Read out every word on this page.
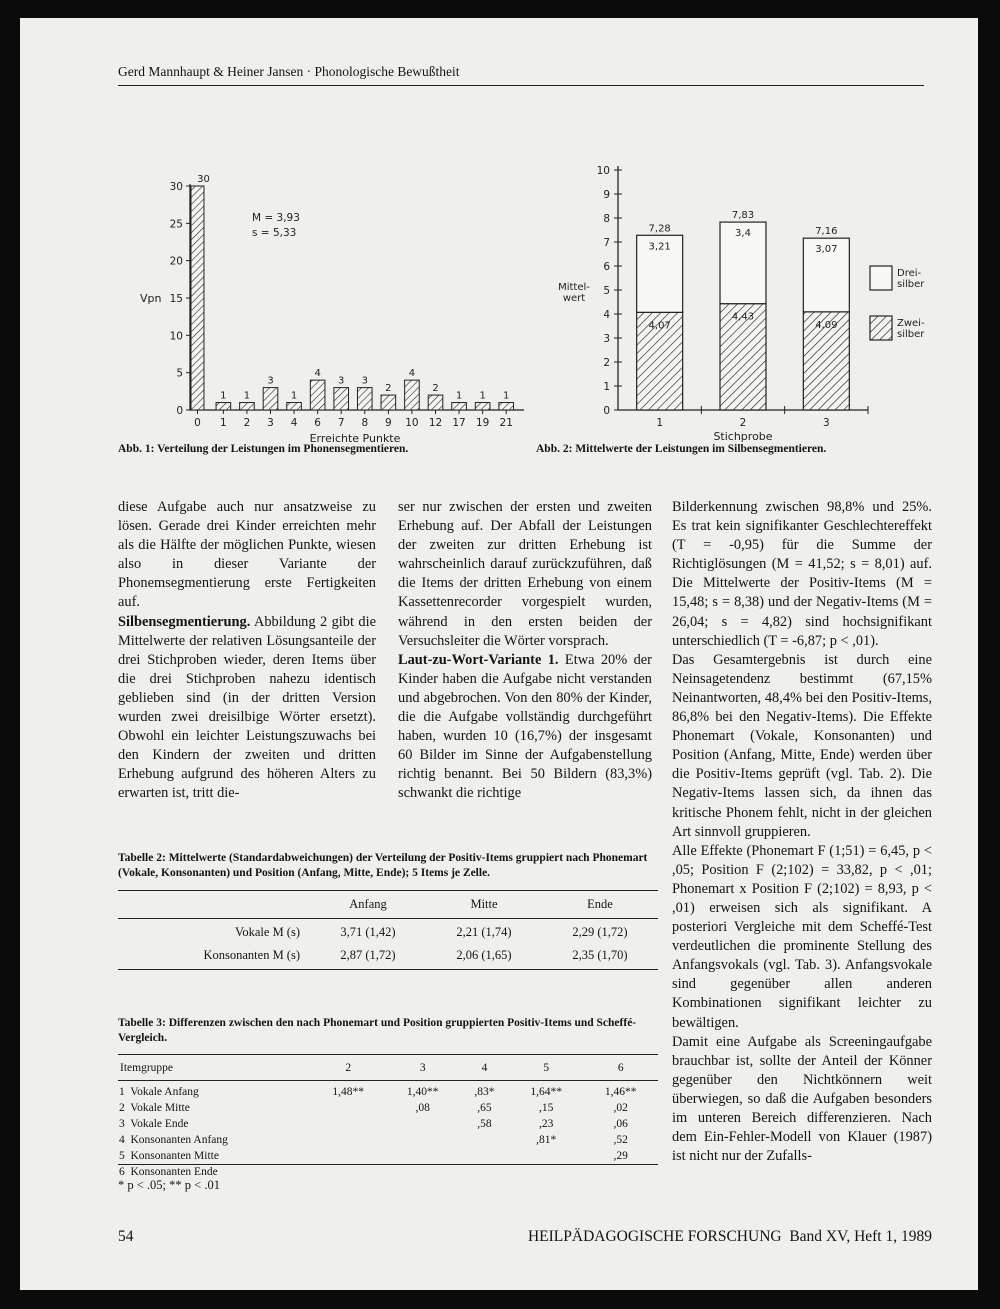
Gerd Mannhaupt & Heiner Jansen · Phonologische Bewußtheit
0
5
10
15
20
25
30
30
0
1
1
1
2
3
3
1
4
4
6
3
7
3
8
2
9
4
10
2
12
1
17
1
19
1
21
Erreichte Punkte
Vpn
M = 3,93
s = 5,33
0
1
2
3
4
5
6
7
8
9
10
Mittel-
wert
3,21
4,07
7,28
1
3,4
4,43
7,83
2
3,07
4,09
7,16
3
Stichprobe
Drei-
silber
Zwei-
silber
Abb. 1: Verteilung der Leistungen im Phonensegmentieren.	Abb. 2: Mittelwerte der Leistungen im Silbensegmentieren.

diese Aufgabe auch nur ansatzweise zu lösen. Gerade drei Kinder erreichten mehr als die Hälfte der möglichen Punkte, wiesen also in dieser Variante der Phonemsegmentierung erste Fertigkeiten auf.

Silbensegmentierung. Abbildung 2 gibt die Mittelwerte der relativen Lösungsanteile der drei Stichproben wieder, deren Items über die drei Stichproben nahezu identisch geblieben sind (in der dritten Version wurden zwei dreisilbige Wörter ersetzt). Obwohl ein leichter Leistungszuwachs bei den Kindern der zweiten und dritten Erhebung aufgrund des höheren Alters zu erwarten ist, tritt die-

ser nur zwischen der ersten und zweiten Erhebung auf. Der Abfall der Leistungen der zweiten zur dritten Erhebung ist wahrscheinlich darauf zurückzuführen, daß die Items der dritten Erhebung von einem Kassettenrecorder vorgespielt wurden, während in den ersten beiden der Versuchsleiter die Wörter vorsprach.

Laut-zu-Wort-Variante 1. Etwa 20% der Kinder haben die Aufgabe nicht verstanden und abgebrochen. Von den 80% der Kinder, die die Aufgabe vollständig durchgeführt haben, wurden 10 (16,7%) der insgesamt 60 Bilder im Sinne der Aufgabenstellung richtig benannt. Bei 50 Bildern (83,3%) schwankt die richtige

Bilderkennung zwischen 98,8% und 25%. Es trat kein signifikanter Geschlechtereffekt (T = -0,95) für die Summe der Richtiglösungen (M = 41,52; s = 8,01) auf. Die Mittelwerte der Positiv-Items (M = 15,48; s = 8,38) und der Negativ-Items (M = 26,04; s = 4,82) sind hochsignifikant unterschiedlich (T = -6,87; p < ,01).

Das Gesamtergebnis ist durch eine Neinsagetendenz bestimmt (67,15% Neinantworten, 48,4% bei den Positiv-Items, 86,8% bei den Negativ-Items). Die Effekte Phonemart (Vokale, Konsonanten) und Position (Anfang, Mitte, Ende) werden über die Positiv-Items geprüft (vgl. Tab. 2). Die Negativ-Items lassen sich, da ihnen das kritische Phonem fehlt, nicht in der gleichen Art sinnvoll gruppieren.

Alle Effekte (Phonemart F (1;51) = 6,45, p < ,05; Position F (2;102) = 33,82, p < ,01; Phonemart x Position F (2;102) = 8,93, p < ,01) erweisen sich als signifikant. A posteriori Vergleiche mit dem Scheffé-Test verdeutlichen die prominente Stellung des Anfangsvokals (vgl. Tab. 3). Anfangsvokale sind gegenüber allen anderen Kombinationen signifikant leichter zu bewältigen.

Damit eine Aufgabe als Screeningaufgabe brauchbar ist, sollte der Anteil der Könner gegenüber den Nichtkönnern weit überwiegen, so daß die Aufgaben besonders im unteren Bereich differenzieren. Nach dem Ein-Fehler-Modell von Klauer (1987) ist nicht nur der Zufalls-

Tabelle 2: Mittelwerte (Standardabweichungen) der Verteilung der Positiv-Items gruppiert nach Phonemart (Vokale, Konsonanten) und Position (Anfang, Mitte, Ende); 5 Items je Zelle.
	Anfang	Mitte	Ende
Vokale M (s)	3,71 (1,42)	2,21 (1,74)	2,29 (1,72)
Konsonanten M (s)	2,87 (1,72)	2,06 (1,65)	2,35 (1,70)
Tabelle 3: Differenzen zwischen den nach Phonemart und Position gruppierten Positiv-Items und Scheffé-Vergleich.
Itemgruppe	2	3	4	5	6
1  Vokale Anfang	1,48**	1,40**	,83*	1,64**	1,46**
2  Vokale Mitte		,08	,65	,15	,02
3  Vokale Ende			,58	,23	,06
4  Konsonanten Anfang				,81*	,52
5  Konsonanten Mitte					,29
6  Konsonanten Ende					
* p < .05; ** p < .01
54	HEILPÄDAGOGISCHE FORSCHUNG Band XV, Heft 1, 1989
